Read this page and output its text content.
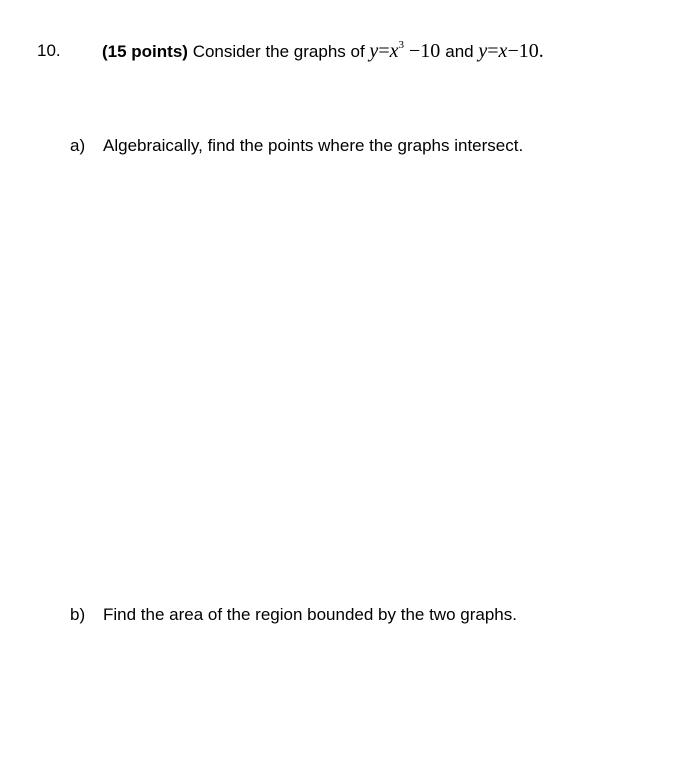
10. (15 points) Consider the graphs of $y=x^3 -10$ and y=x−10.
a) Algebraically, find the points where the graphs intersect.
b) Find the area of the region bounded by the two graphs.
